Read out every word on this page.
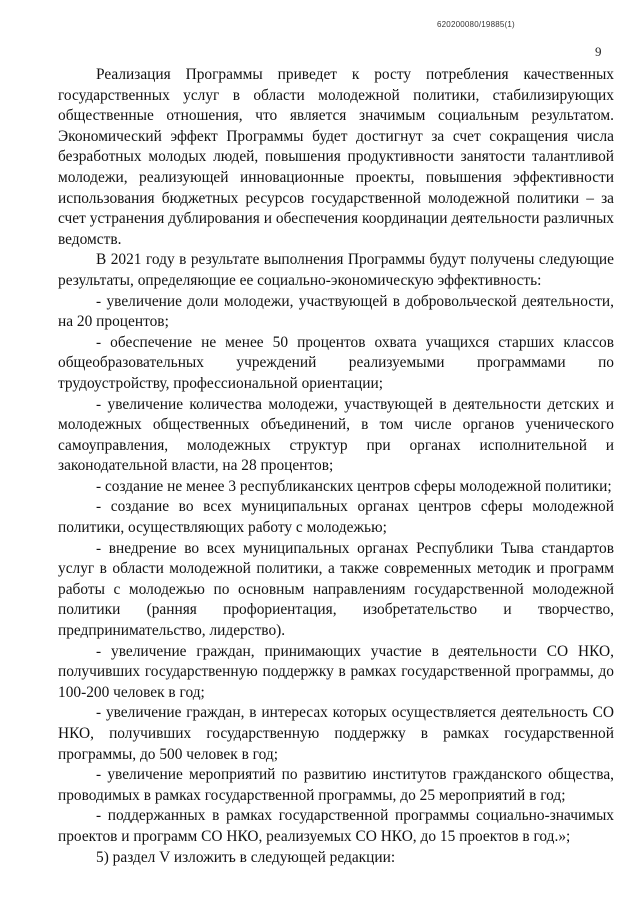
620200080/19885(1)
9

Реализация Программы приведет к росту потребления качественных государственных услуг в области молодежной политики, стабилизирующих общественные отношения, что является значимым социальным результатом. Экономический эффект Программы будет достигнут за счет сокращения числа безработных молодых людей, повышения продуктивности занятости талантливой молодежи, реализующей инновационные проекты, повышения эффективности использования бюджетных ресурсов государственной молодежной политики – за счет устранения дублирования и обеспечения координации деятельности различных ведомств.

В 2021 году в результате выполнения Программы будут получены следующие результаты, определяющие ее социально-экономическую эффективность:

- увеличение доли молодежи, участвующей в добровольческой деятельности, на 20 процентов;

- обеспечение не менее 50 процентов охвата учащихся старших классов общеобразовательных учреждений реализуемыми программами по трудоустройству, профессиональной ориентации;

- увеличение количества молодежи, участвующей в деятельности детских и молодежных общественных объединений, в том числе органов ученического самоуправления, молодежных структур при органах исполнительной и законодательной власти, на 28 процентов;

- создание не менее 3 республиканских центров сферы молодежной политики;

- создание во всех муниципальных органах центров сферы молодежной политики, осуществляющих работу с молодежью;

- внедрение во всех муниципальных органах Республики Тыва стандартов услуг в области молодежной политики, а также современных методик и программ работы с молодежью по основным направлениям государственной молодежной политики (ранняя профориентация, изобретательство и творчество, предпринимательство, лидерство).

- увеличение граждан, принимающих участие в деятельности СО НКО, получивших государственную поддержку в рамках государственной программы, до 100-200 человек в год;

- увеличение граждан, в интересах которых осуществляется деятельность СО НКО, получивших государственную поддержку в рамках государственной программы, до 500 человек в год;

- увеличение мероприятий по развитию институтов гражданского общества, проводимых в рамках государственной программы, до 25 мероприятий в год;

- поддержанных в рамках государственной программы социально-значимых проектов и программ СО НКО, реализуемых СО НКО, до 15 проектов в год.»;

5) раздел V изложить в следующей редакции:
